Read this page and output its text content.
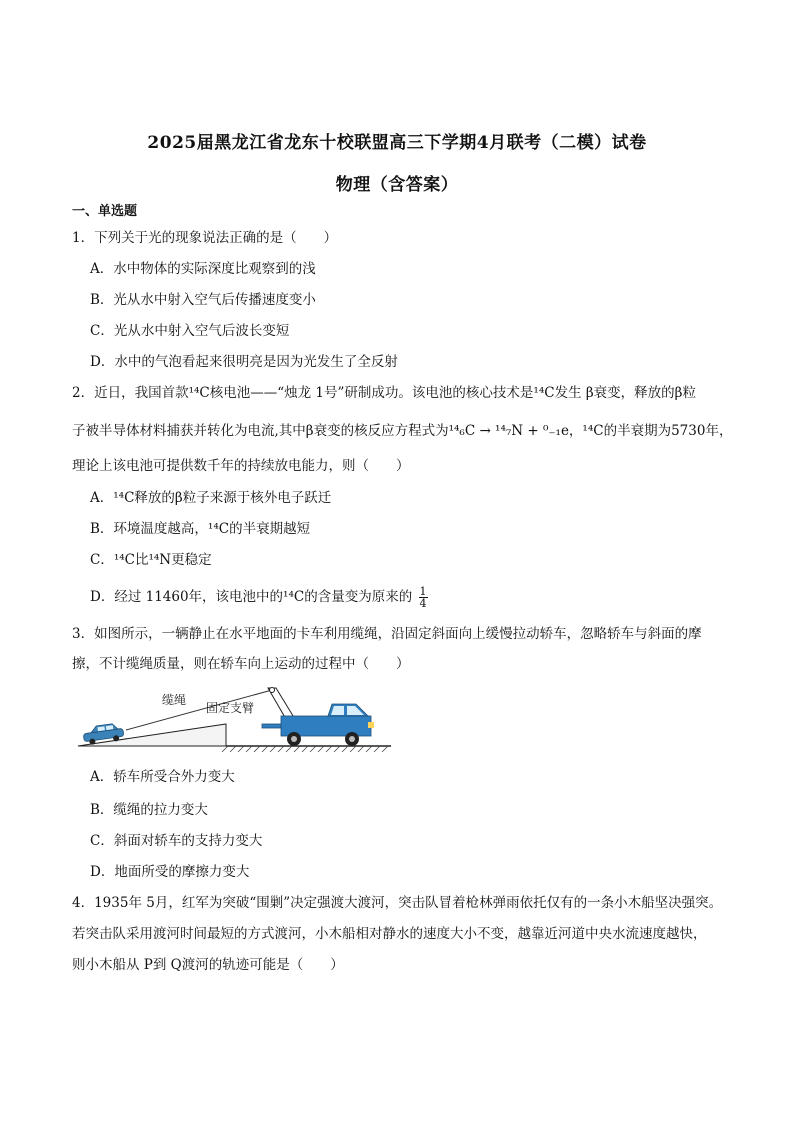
2025届黑龙江省龙东十校联盟高三下学期4月联考（二模）试卷
物理（含答案）
一、单选题
1．下列关于光的现象说法正确的是（　　）
A．水中物体的实际深度比观察到的浅
B．光从水中射入空气后传播速度变小
C．光从水中射入空气后波长变短
D．水中的气泡看起来很明亮是因为光发生了全反射
2．近日，我国首款¹⁴C核电池——“烛龙 1号”研制成功。该电池的核心技术是¹⁴C发生 β衰变，释放的β粒
子被半导体材料捕获并转化为电流,其中β衰变的核反应方程式为¹⁴₆C → ¹⁴₇N + ⁰₋₁e，¹⁴C的半衰期为5730年，
理论上该电池可提供数千年的持续放电能力，则（　　）
A．¹⁴C释放的β粒子来源于核外电子跃迁
B．环境温度越高，¹⁴C的半衰期越短
C．¹⁴C比¹⁴N更稳定
D．经过 11460年，该电池中的¹⁴C的含量变为原来的 $\frac{1}{4}$
3．如图所示，一辆静止在水平地面的卡车利用缆绳，沿固定斜面向上缓慢拉动轿车，忽略轿车与斜面的摩
擦，不计缆绳质量，则在轿车向上运动的过程中（　　）
缆绳
固定支臂
A．轿车所受合外力变大
B．缆绳的拉力变大
C．斜面对轿车的支持力变大
D．地面所受的摩擦力变大
4．1935年 5月，红军为突破“围剿”决定强渡大渡河，突击队冒着枪林弹雨依托仅有的一条小木船坚决强突。
若突击队采用渡河时间最短的方式渡河，小木船相对静水的速度大小不变，越靠近河道中央水流速度越快，
则小木船从 P到 Q渡河的轨迹可能是（　　）
